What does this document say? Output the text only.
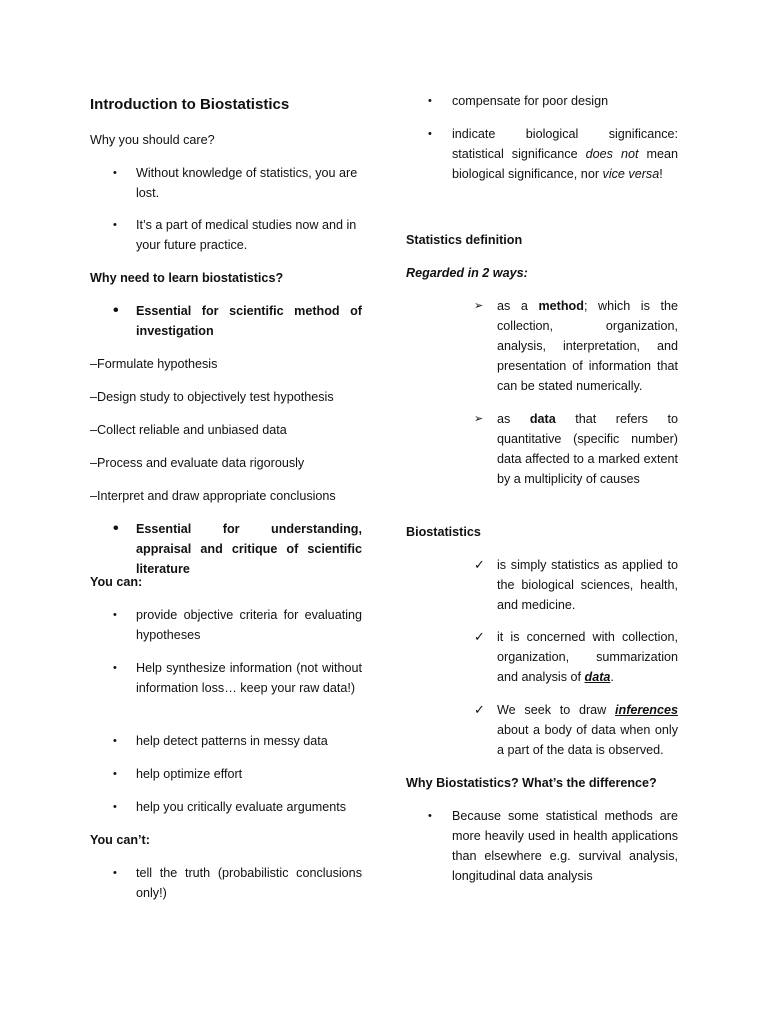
Introduction to Biostatistics

Why you should care?

• Without knowledge of statistics, you are lost.

• It’s a part of medical studies now and in your future practice.

Why need to learn biostatistics?

• Essential for scientific method of investigation

–Formulate hypothesis

–Design study to objectively test hypothesis

–Collect reliable and unbiased data

–Process and evaluate data rigorously

–Interpret and draw appropriate conclusions

• Essential for understanding, appraisal and critique of scientific literature

You can:

• provide objective criteria for evaluating hypotheses

• Help synthesize information (not without information loss… keep your raw data!)

• help detect patterns in messy data

• help optimize effort

• help you critically evaluate arguments

You can’t:

• tell the truth (probabilistic conclusions only!)

• compensate for poor design

• indicate biological significance: statistical significance does not mean biological significance, nor vice versa!

Statistics definition

Regarded in 2 ways:

➢ as a method; which is the collection, organization, analysis, interpretation, and presentation of information that can be stated numerically.

➢ as data that refers to quantitative (specific number) data affected to a marked extent by a multiplicity of causes

Biostatistics

✓ is simply statistics as applied to the biological sciences, health, and medicine.

✓ it is concerned with collection, organization, summarization and analysis of data.

✓ We seek to draw inferences about a body of data when only a part of the data is observed.

Why Biostatistics? What’s the difference?

• Because some statistical methods are more heavily used in health applications than elsewhere e.g. survival analysis, longitudinal data analysis
